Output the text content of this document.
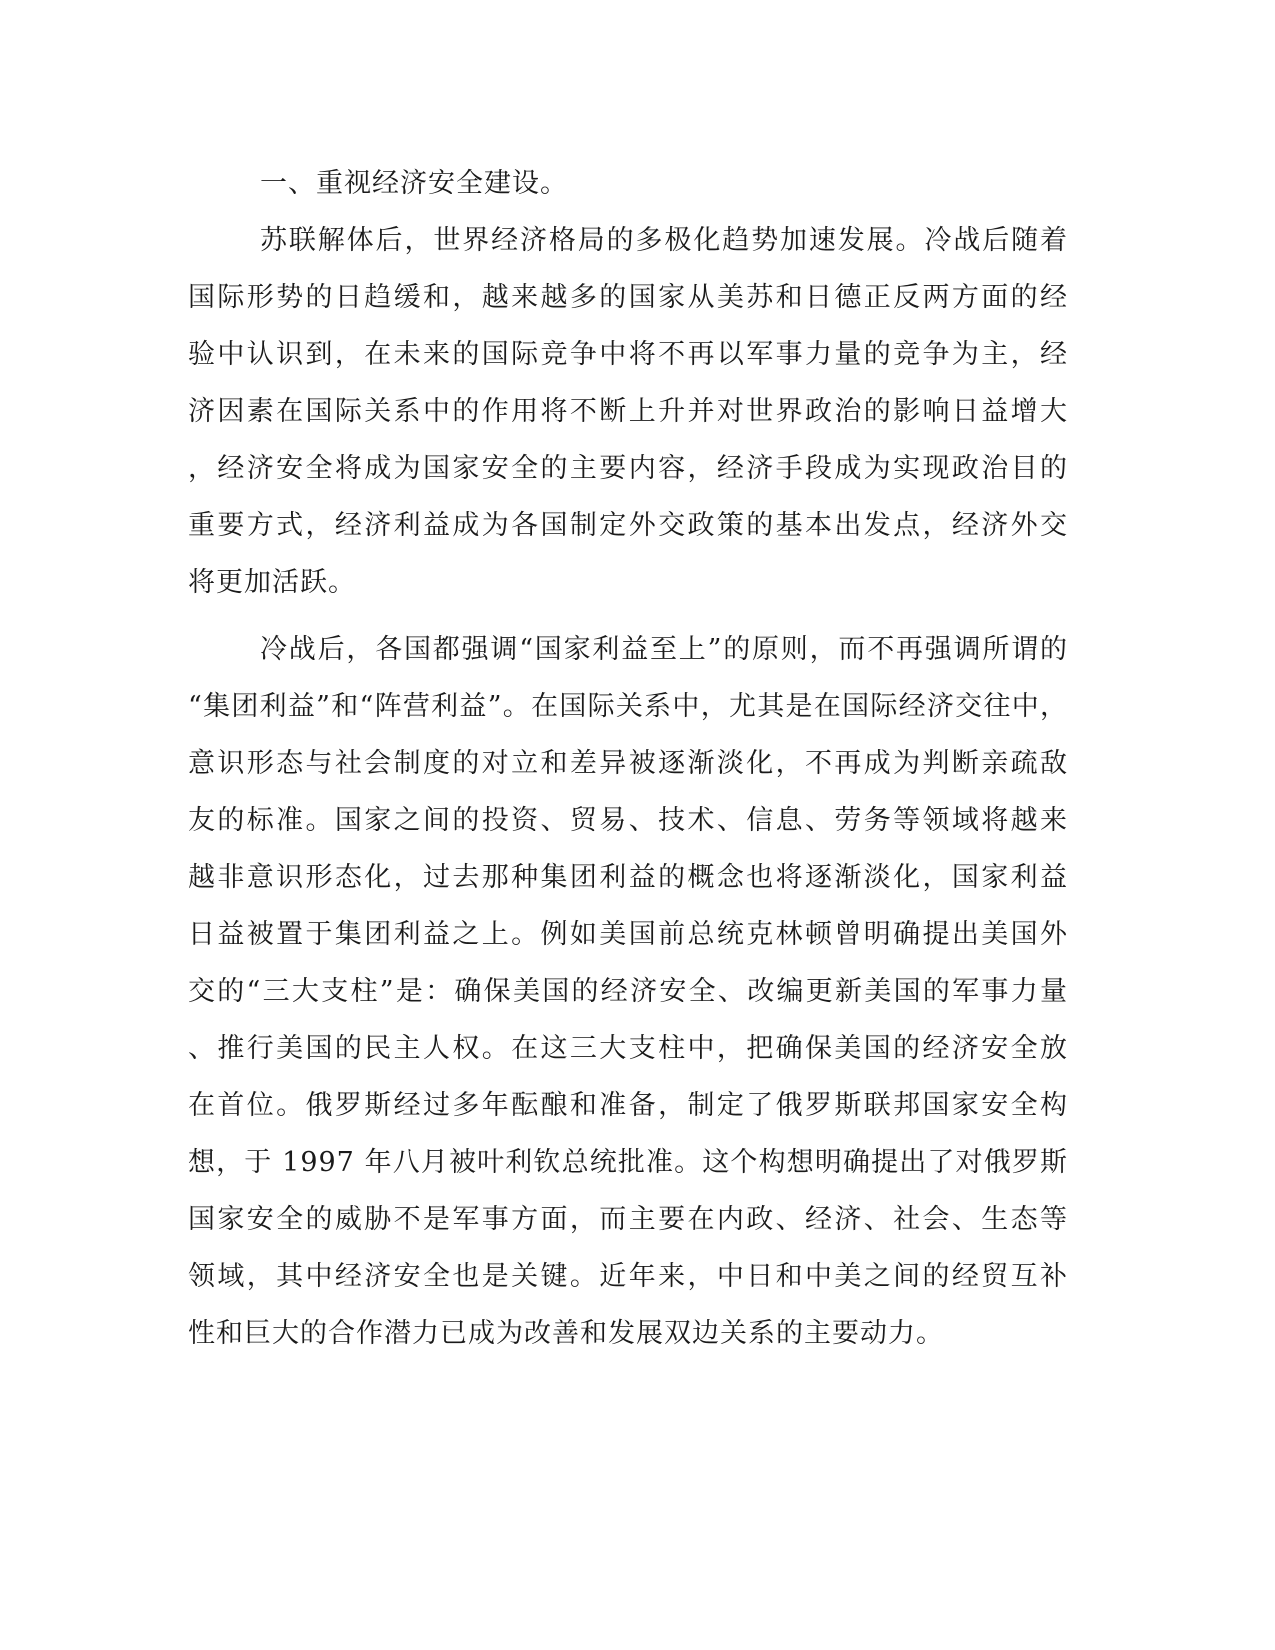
一、重视经济安全建设。
苏联解体后，世界经济格局的多极化趋势加速发展。冷战后随着
国际形势的日趋缓和，越来越多的国家从美苏和日德正反两方面的经
验中认识到，在未来的国际竞争中将不再以军事力量的竞争为主，经
济因素在国际关系中的作用将不断上升并对世界政治的影响日益增大
，经济安全将成为国家安全的主要内容，经济手段成为实现政治目的
重要方式，经济利益成为各国制定外交政策的基本出发点，经济外交
将更加活跃。
冷战后，各国都强调“国家利益至上”的原则，而不再强调所谓的
“集团利益”和“阵营利益”。在国际关系中，尤其是在国际经济交往中，
意识形态与社会制度的对立和差异被逐渐淡化，不再成为判断亲疏敌
友的标准。国家之间的投资、贸易、技术、信息、劳务等领域将越来
越非意识形态化，过去那种集团利益的概念也将逐渐淡化，国家利益
日益被置于集团利益之上。例如美国前总统克林顿曾明确提出美国外
交的“三大支柱”是：确保美国的经济安全、改编更新美国的军事力量
、推行美国的民主人权。在这三大支柱中，把确保美国的经济安全放
在首位。俄罗斯经过多年酝酿和准备，制定了俄罗斯联邦国家安全构
想，于 1997 年八月被叶利钦总统批准。这个构想明确提出了对俄罗斯
国家安全的威胁不是军事方面，而主要在内政、经济、社会、生态等
领域，其中经济安全也是关键。近年来，中日和中美之间的经贸互补
性和巨大的合作潜力已成为改善和发展双边关系的主要动力。
